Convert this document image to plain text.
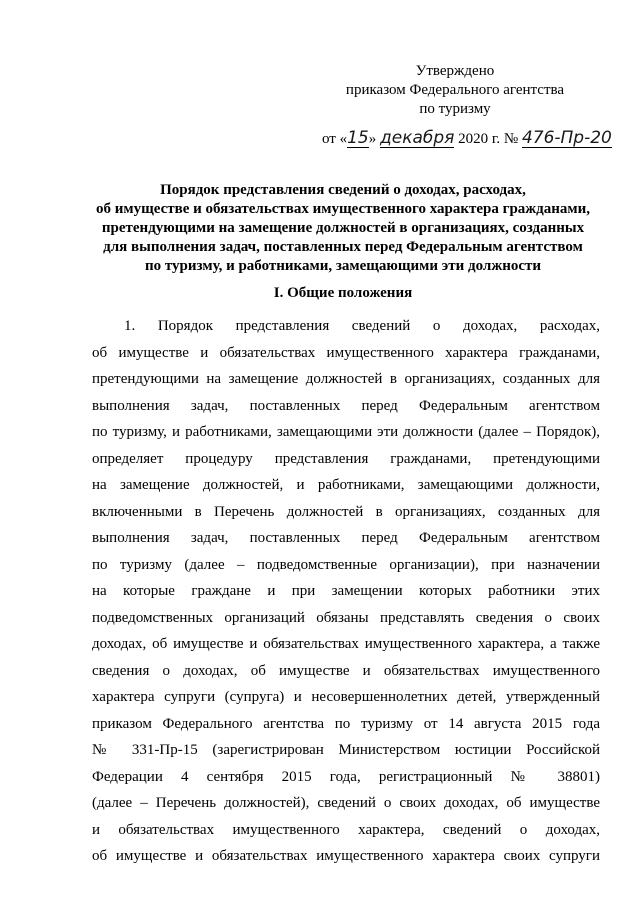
Утверждено
приказом Федерального агентства
по туризму
от «15» декабря 2020 г. № 476-Пр-20
Порядок представления сведений о доходах, расходах,
об имуществе и обязательствах имущественного характера гражданами,
претендующими на замещение должностей в организациях, созданных
для выполнения задач, поставленных перед Федеральным агентством
по туризму, и работниками, замещающими эти должности
I. Общие положения
1. Порядок представления сведений о доходах, расходах,
об имуществе и обязательствах имущественного характера гражданами,
претендующими на замещение должностей в организациях, созданных для
выполнения задач, поставленных перед Федеральным агентством
по туризму, и работниками, замещающими эти должности (далее – Порядок),
определяет процедуру представления гражданами, претендующими
на замещение должностей, и работниками, замещающими должности,
включенными в Перечень должностей в организациях, созданных для
выполнения задач, поставленных перед Федеральным агентством
по туризму (далее – подведомственные организации), при назначении
на которые граждане и при замещении которых работники этих
подведомственных организаций обязаны представлять сведения о своих
доходах, об имуществе и обязательствах имущественного характера, а также
сведения о доходах, об имуществе и обязательствах имущественного
характера супруги (супруга) и несовершеннолетних детей, утвержденный
приказом Федерального агентства по туризму от 14 августа 2015 года
№ 331-Пр-15 (зарегистрирован Министерством юстиции Российской
Федерации 4 сентября 2015 года, регистрационный № 38801)
(далее – Перечень должностей), сведений о своих доходах, об имуществе
и обязательствах имущественного характера, сведений о доходах,
об имуществе и обязательствах имущественного характера своих супруги
